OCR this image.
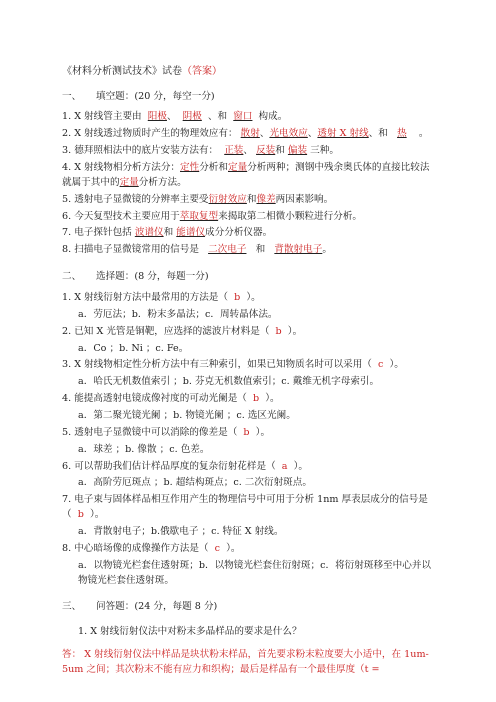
《材料分析测试技术》试卷（答案）

一、 填空题：(20 分，每空一分)

1. X 射线管主要由 阳极、 阴极 、和 窗口 构成。

2. X 射线透过物质时产生的物理效应有： 散射、光电效应、透射 X 射线、和 热 。

3. 德拜照相法中的底片安装方法有： 正装、 反装和 偏装 三种。

4. X 射线物相分析方法分：定性分析和定量分析两种；测钢中残余奥氏体的直接比较法就属于其中的定量分析方法。

5. 透射电子显微镜的分辨率主要受衍射效应和像差两因素影响。

6. 今天复型技术主要应用于萃取复型来揭取第二相微小颗粒进行分析。

7. 电子探针包括 波谱仪和 能谱仪成分分析仪器。

8. 扫描电子显微镜常用的信号是 二次电子 和 背散射电子。

二、 选择题：(8 分，每题一分)

1. X 射线衍射方法中最常用的方法是（ b ）。

a．劳厄法；b．粉末多晶法；c．周转晶体法。

2. 已知 X 光管是铜靶，应选择的滤波片材料是（ b ）。

a．Co ；b. Ni ；c. Fe。

3. X 射线物相定性分析方法中有三种索引，如果已知物质名时可以采用（ c ）。

a．哈氏无机数值索引 ；b. 芬克无机数值索引；c. 戴维无机字母索引。

4. 能提高透射电镜成像衬度的可动光阑是（ b ）。

a．第二聚光镜光阑 ；b. 物镜光阑 ；c. 选区光阑。

5. 透射电子显微镜中可以消除的像差是（ b ）。

a．球差 ；b. 像散 ；c. 色差。

6. 可以帮助我们估计样品厚度的复杂衍射花样是（ a ）。

a．高阶劳厄斑点 ；b. 超结构斑点；c. 二次衍射斑点。

7. 电子束与固体样品相互作用产生的物理信号中可用于分析 1nm 厚表层成分的信号是（ b ）。

a．背散射电子；b.俄歇电子 ；c. 特征 X 射线。

8. 中心暗场像的成像操作方法是（ c ）。

a．以物镜光栏套住透射斑；b．以物镜光栏套住衍射斑；c．将衍射斑移至中心并以物镜光栏套住透射斑。

三、 问答题：(24 分，每题 8 分)

1. X 射线衍射仪法中对粉末多晶样品的要求是什么？

答： X 射线衍射仪法中样品是块状粉末样品，首先要求粉末粒度要大小适中，在 1um-5um 之间；其次粉末不能有应力和织构；最后是样品有一个最佳厚度（t =
